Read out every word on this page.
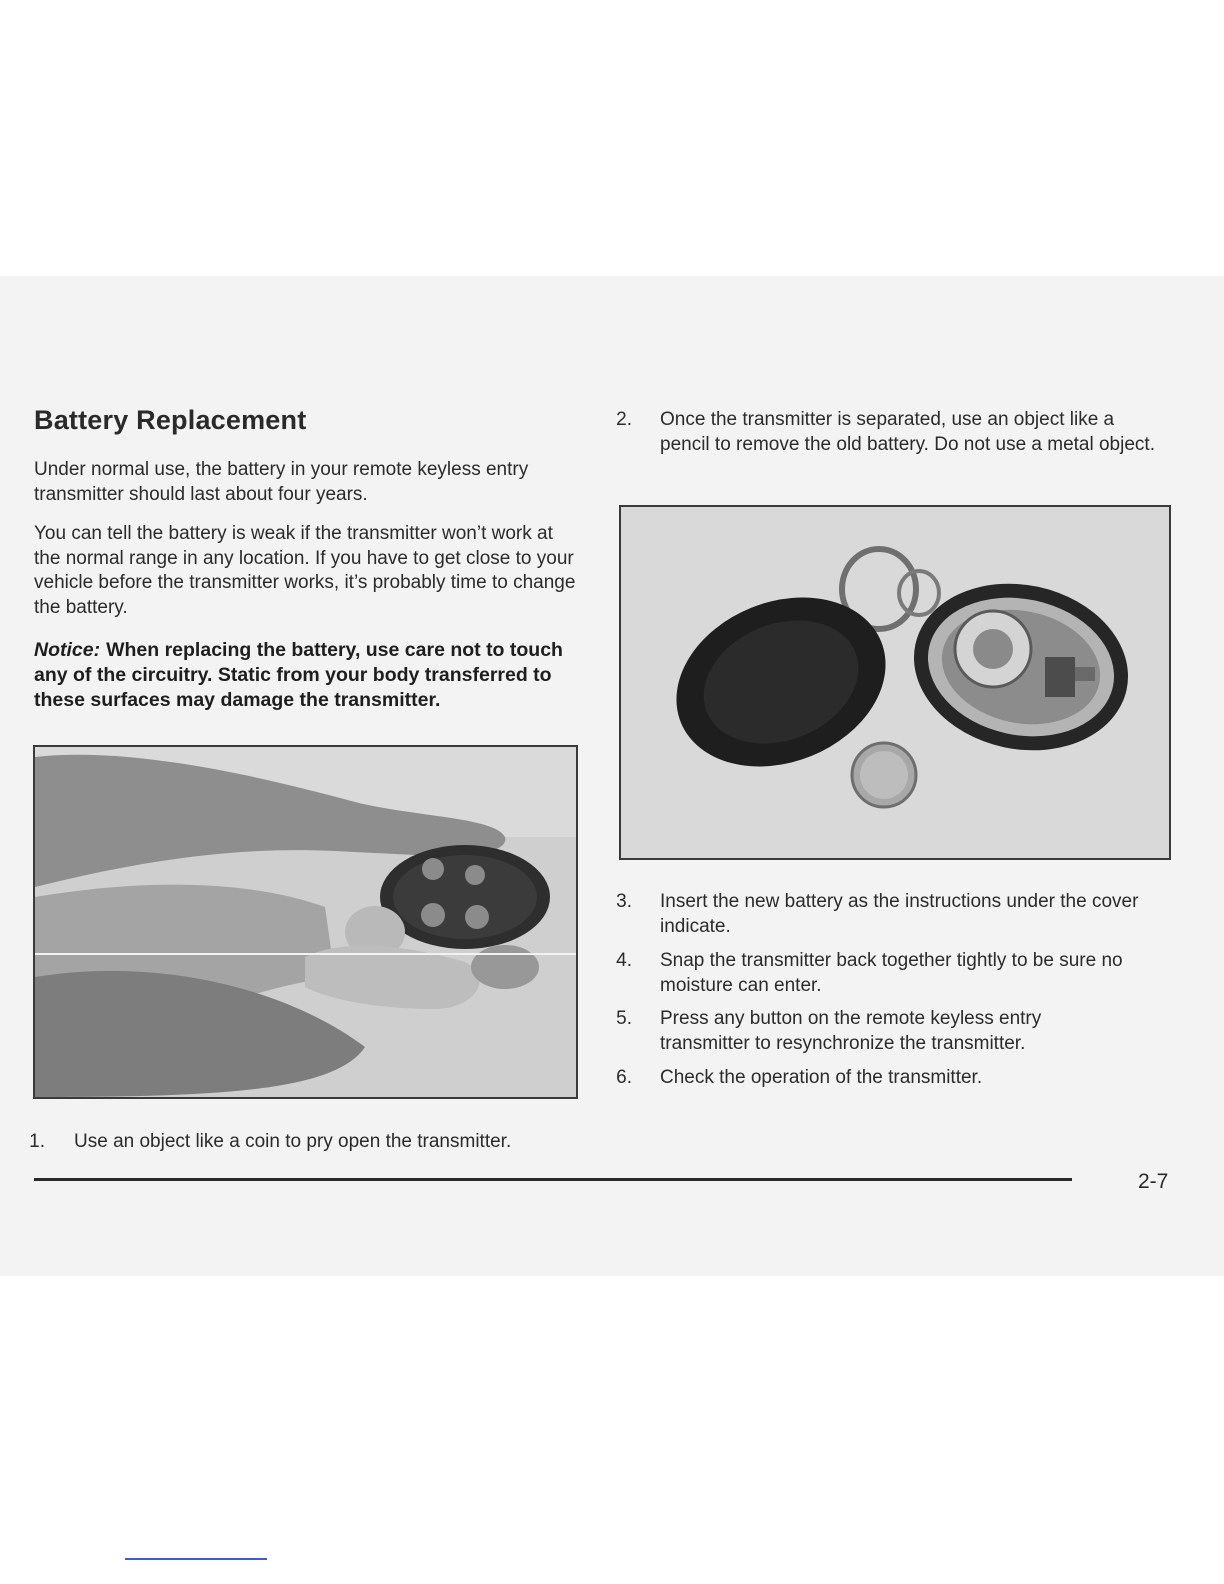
Battery Replacement

Under normal use, the battery in your remote keyless entry transmitter should last about four years.

You can tell the battery is weak if the transmitter won’t work at the normal range in any location. If you have to get close to your vehicle before the transmitter works, it’s probably time to change the battery.

Notice: When replacing the battery, use care not to touch any of the circuitry. Static from your body transferred to these surfaces may damage the transmitter.

1. Use an object like a coin to pry open the transmitter.
2. Once the transmitter is separated, use an object like a pencil to remove the old battery. Do not use a metal object.
3. Insert the new battery as the instructions under the cover indicate.
4. Snap the transmitter back together tightly to be sure no moisture can enter.
5. Press any button on the remote keyless entry transmitter to resynchronize the transmitter.
6. Check the operation of the transmitter.
2-7
